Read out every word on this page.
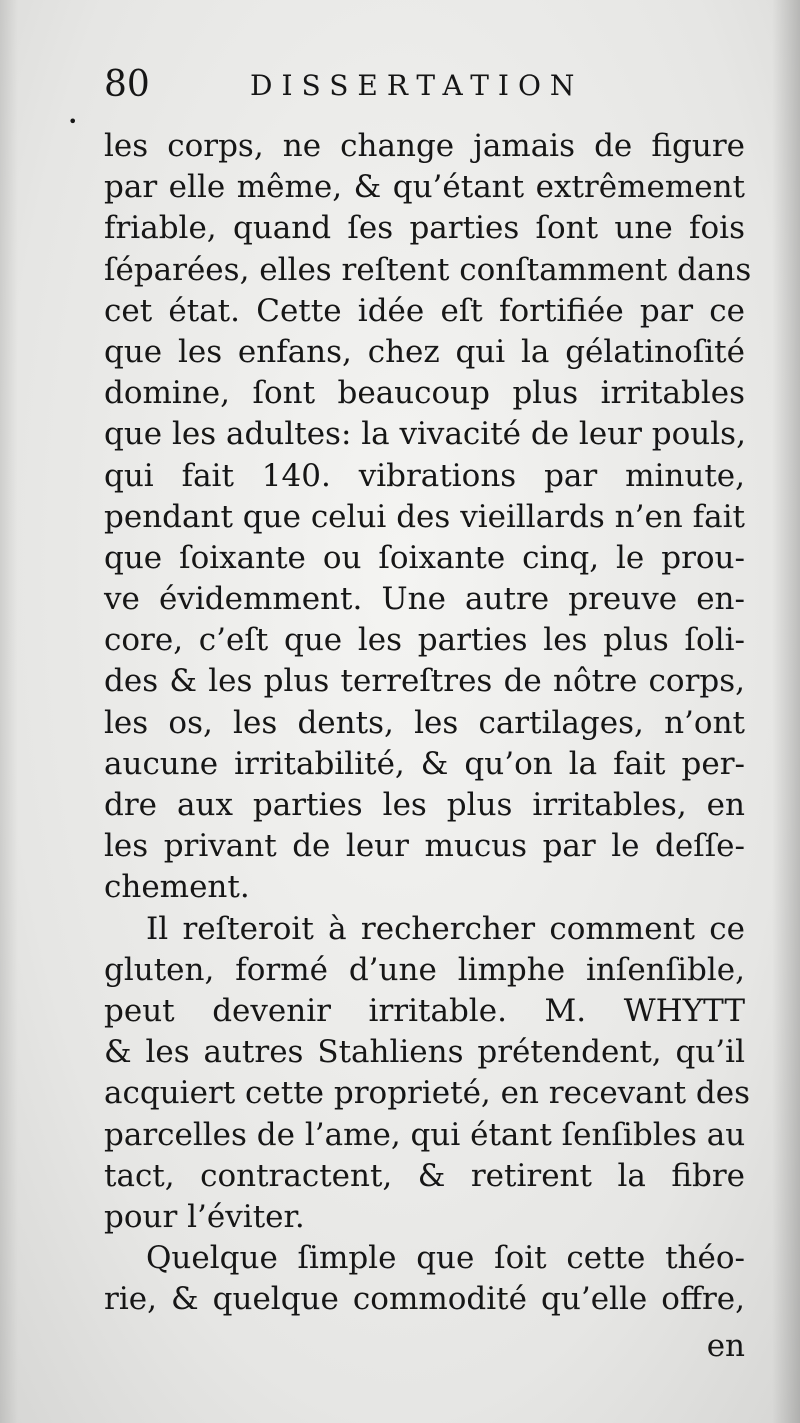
80	DISSERTATION
•
les corps, ne change jamais de figure
par elle même, & qu’étant extrêmement
friable, quand ſes parties ſont une fois
ſéparées, elles reſtent conſtamment dans
cet état. Cette idée eſt fortifiée par ce
que les enfans, chez qui la gélatinoſité
domine, ſont beaucoup plus irritables
que les adultes: la vivacité de leur pouls,
qui fait 140. vibrations par minute,
pendant que celui des vieillards n’en fait
que ſoixante ou ſoixante cinq, le prou-
ve évidemment. Une autre preuve en-
core, c’eſt que les parties les plus ſoli-
des & les plus terreſtres de nôtre corps,
les os, les dents, les cartilages, n’ont
aucune irritabilité, & qu’on la fait per-
dre aux parties les plus irritables, en
les privant de leur mucus par le deſſe-
chement.
Il reſteroit à rechercher comment ce
gluten, formé d’une limphe inſenſible,
peut devenir irritable. M. WHYTT
& les autres Stahliens prétendent, qu’il
acquiert cette proprieté, en recevant des
parcelles de l’ame, qui étant ſenſibles au
tact, contractent, & retirent la fibre
pour l’éviter.
Quelque ſimple que ſoit cette théo-
rie, & quelque commodité qu’elle offre,
en
